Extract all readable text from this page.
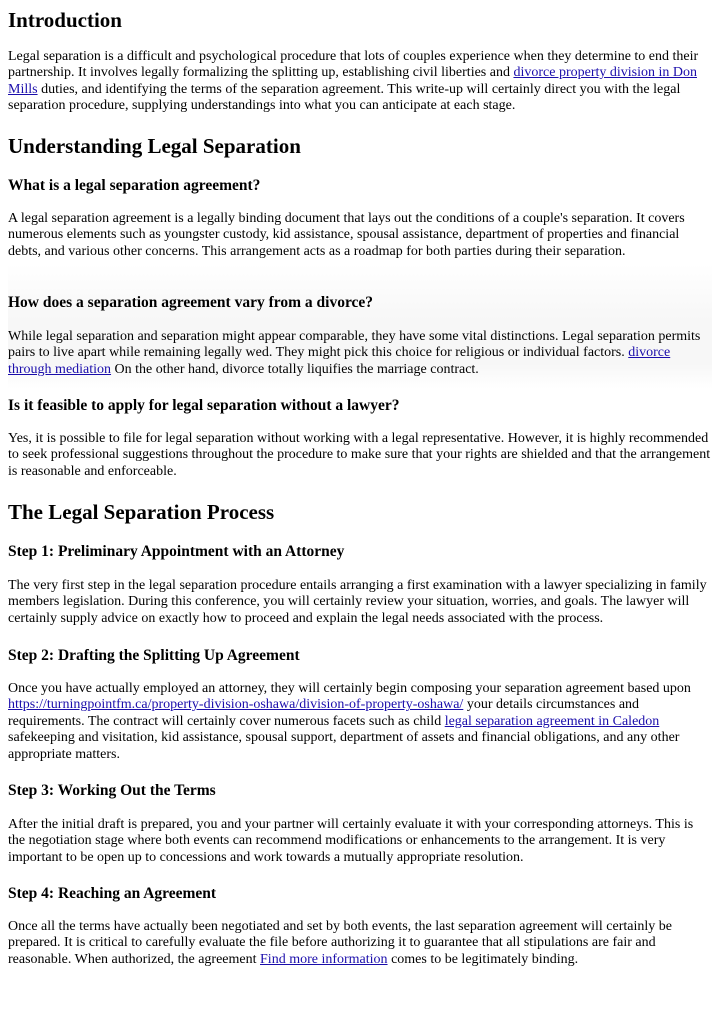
Introduction

Legal separation is a difficult and psychological procedure that lots of couples experience when they determine to end their partnership. It involves legally formalizing the splitting up, establishing civil liberties and divorce property division in Don Mills duties, and identifying the terms of the separation agreement. This write-up will certainly direct you with the legal separation procedure, supplying understandings into what you can anticipate at each stage.

Understanding Legal Separation
What is a legal separation agreement?

A legal separation agreement is a legally binding document that lays out the conditions of a couple's separation. It covers numerous elements such as youngster custody, kid assistance, spousal assistance, department of properties and financial debts, and various other concerns. This arrangement acts as a roadmap for both parties during their separation.

How does a separation agreement vary from a divorce?

While legal separation and separation might appear comparable, they have some vital distinctions. Legal separation permits pairs to live apart while remaining legally wed. They might pick this choice for religious or individual factors. divorce through mediation On the other hand, divorce totally liquifies the marriage contract.

Is it feasible to apply for legal separation without a lawyer?

Yes, it is possible to file for legal separation without working with a legal representative. However, it is highly recommended to seek professional suggestions throughout the procedure to make sure that your rights are shielded and that the arrangement is reasonable and enforceable.

The Legal Separation Process
Step 1: Preliminary Appointment with an Attorney

The very first step in the legal separation procedure entails arranging a first examination with a lawyer specializing in family members legislation. During this conference, you will certainly review your situation, worries, and goals. The lawyer will certainly supply advice on exactly how to proceed and explain the legal needs associated with the process.

Step 2: Drafting the Splitting Up Agreement

Once you have actually employed an attorney, they will certainly begin composing your separation agreement based upon https://turningpointfm.ca/property-division-oshawa/division-of-property-oshawa/ your details circumstances and requirements. The contract will certainly cover numerous facets such as child legal separation agreement in Caledon safekeeping and visitation, kid assistance, spousal support, department of assets and financial obligations, and any other appropriate matters.

Step 3: Working Out the Terms

After the initial draft is prepared, you and your partner will certainly evaluate it with your corresponding attorneys. This is the negotiation stage where both events can recommend modifications or enhancements to the arrangement. It is very important to be open up to concessions and work towards a mutually appropriate resolution.

Step 4: Reaching an Agreement

Once all the terms have actually been negotiated and set by both events, the last separation agreement will certainly be prepared. It is critical to carefully evaluate the file before authorizing it to guarantee that all stipulations are fair and reasonable. When authorized, the agreement Find more information comes to be legitimately binding.
